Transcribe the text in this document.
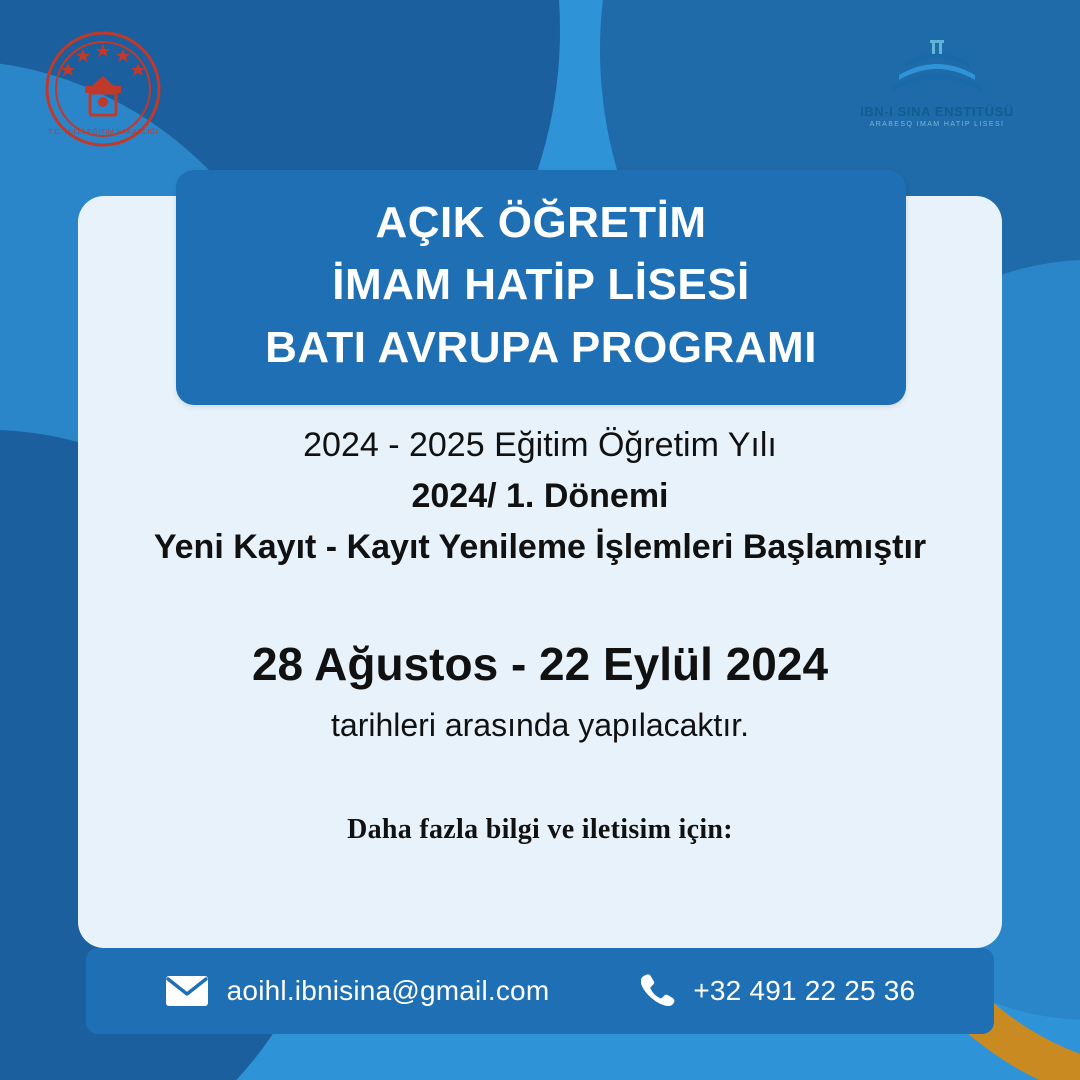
T.C. MİLLÎ EĞİTİM BAKANLIĞI
IBN-I SINA ENSTITÜSÜ
ARABESQ IMAM HATIP LISESI
AÇIK ÖĞRETİM
İMAM HATİP LİSESİ
BATI AVRUPA PROGRAMI
2024 - 2025 Eğitim Öğretim Yılı
2024/ 1. Dönemi
Yeni Kayıt - Kayıt Yenileme İşlemleri Başlamıştır
28 Ağustos - 22 Eylül 2024
tarihleri arasında yapılacaktır.
Daha fazla bilgi ve iletisim için:
aoihl.ibnisina@gmail.com	+32 491 22 25 36
